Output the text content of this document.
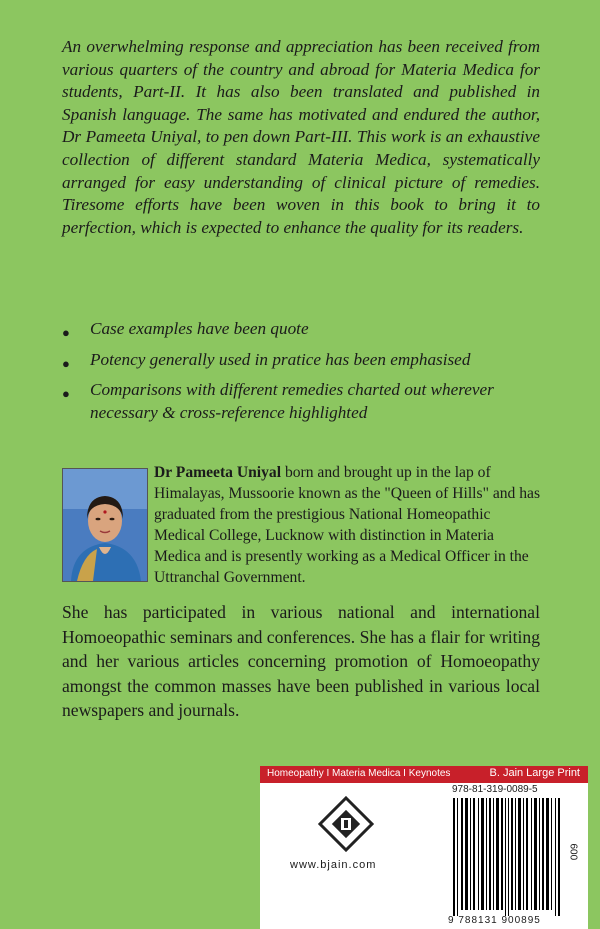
An overwhelming response and appreciation has been received from various quarters of the country and abroad for Materia Medica for students, Part-II. It has also been translated and published in Spanish language. The same has motivated and endured the author, Dr Pameeta Uniyal, to pen down Part-III. This work is an exhaustive collection of different standard Materia Medica, systematically arranged for easy understanding of clinical picture of remedies. Tiresome efforts have been woven in this book to bring it to perfection, which is expected to enhance the quality for its readers.

● Case examples have been quote
● Potency generally used in pratice has been emphasised
● Comparisons with different remedies charted out wherever necessary & cross-reference highlighted

Dr Pameeta Uniyal born and brought up in the lap of Himalayas, Mussoorie known as the "Queen of Hills" and has graduated from the prestigious National Homeopathic Medical College, Lucknow with distinction in Materia Medica and is presently working as a Medical Officer in the Uttranchal Government.

She has participated in various national and international Homoeopathic seminars and conferences. She has a flair for writing and her various articles concerning promotion of Homoeopathy amongst the common masses have been published in various local newspapers and journals.

Homeopathy I Materia Medica I Keynotes	B. Jain Large Print
www.bjain.com
978-81-319-0089-5
9 788131 900895
600
